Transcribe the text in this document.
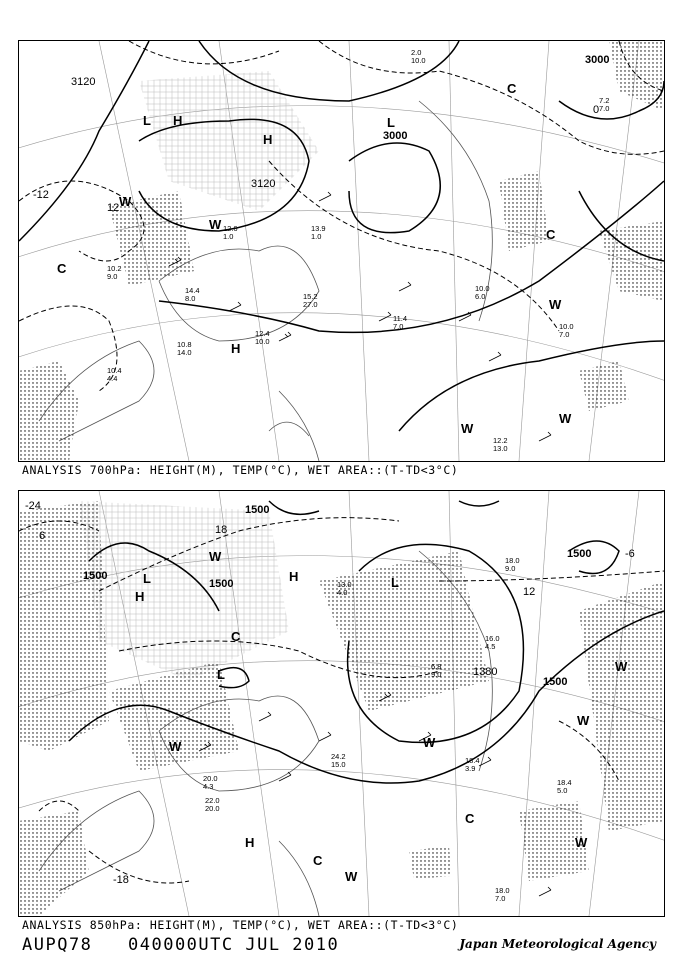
3120
3120
3000
3000
-12
12
0
L H
H
L
H
C
C
C
W
W
W
W
W
10.2
9.0
12.6
1.0
13.9
1.0
14.4
8.0
10.0
6.0
10.0
7.0
11.4
7.0
12.2
13.0
10.4
4.4
10.8
14.0
12.4
10.0
15.2
27.0
7.2
7.0
2.0
10.0
ANALYSIS 700hPa: HEIGHT(M), TEMP(°C), WET AREA::(T-TD<3°C)
1500
1500
1500
1500
1500
1380
-24
-18
18
-6
12
6
L	L
L
H
H
H
C
C
C
W
W	W
W
W
W
W
18.4
3.9
18.4
5.0
18.0
7.0
22.0
20.0
24.2
15.0
20.0
4.3
18.0
9.0
16.0
4.5
6.8
9.0
13.0
4.0
ANALYSIS 850hPa: HEIGHT(M), TEMP(°C), WET AREA::(T-TD<3°C)
AUPQ78 040000UTC JUL 2010	Japan Meteorological Agency
